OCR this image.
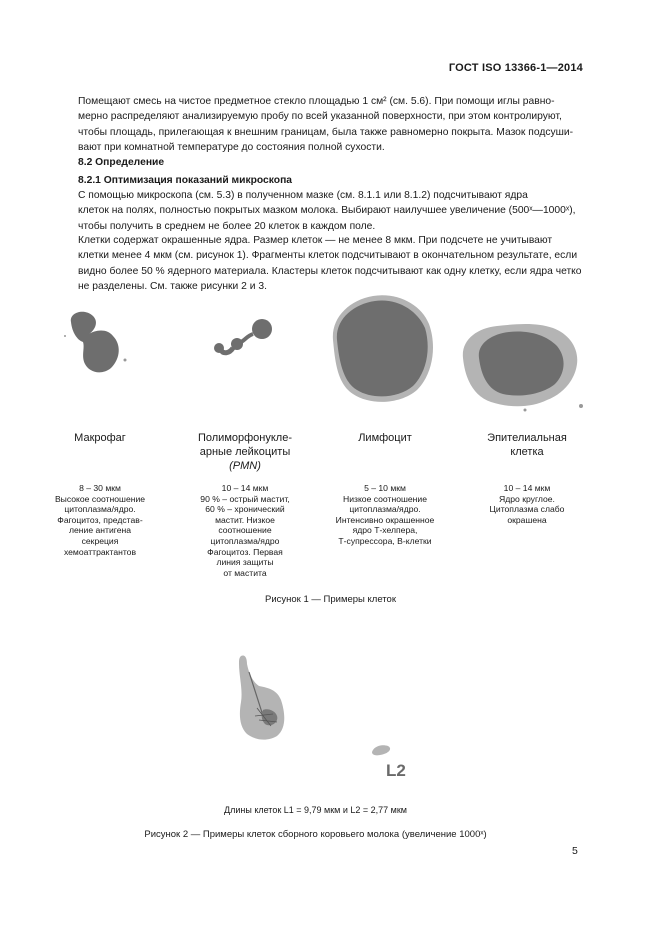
ГОСТ ISO 13366-1—2014
Помещают смесь на чистое предметное стекло площадью 1 см² (см. 5.6). При помощи иглы равно-
мерно распределяют анализируемую пробу по всей указанной поверхности, при этом контролируют,
чтобы площадь, прилегающая к внешним границам, была также равномерно покрыта. Мазок подсуши-
вают при комнатной температуре до состояния полной сухости.
8.2 Определение
8.2.1 Оптимизация показаний микроскопа
С помощью микроскопа (см. 5.3) в полученном мазке (см. 8.1.1 или 8.1.2) подсчитывают ядра
клеток на полях, полностью покрытых мазком молока. Выбирают наилучшее увеличение (500ˣ—1000ˣ),
чтобы получить в среднем не более 20 клеток в каждом поле.
Клетки содержат окрашенные ядра. Размер клеток — не менее 8 мкм. При подсчете не учитывают
клетки менее 4 мкм (см. рисунок 1). Фрагменты клеток подсчитывают в окончательном результате, если
видно более 50 % ядерного материала. Кластеры клеток подсчитывают как одну клетку, если ядра четко
не разделены. См. также рисунки 2 и 3.
Макрофаг	Полиморфонукле-
арные лейкоциты
(PMN)
Лимфоцит	Эпителиальная
клетка
8 – 30 мкм
Высокое соотношение
цитоплазма/ядро.
Фагоцитоз, представ-
ление антигена
секреция
хемоаттрактантов
10 – 14 мкм
90 % – острый мастит,
60 % – хронический
мастит. Низкое
соотношение
цитоплазма/ядро
Фагоцитоз. Первая
линия защиты
от мастита
5 – 10 мкм
Низкое соотношение
цитоплазма/ядро.
Интенсивно окрашенное
ядро Т-хелпера,
Т-супрессора, В-клетки
10 – 14 мкм
Ядро круглое.
Цитоплазма слабо
окрашена
Рисунок 1 — Примеры клеток
L2
Длины клеток L1 = 9,79 мкм и L2 = 2,77 мкм
Рисунок 2 — Примеры клеток сборного коровьего молока (увеличение 1000ˣ)
5
